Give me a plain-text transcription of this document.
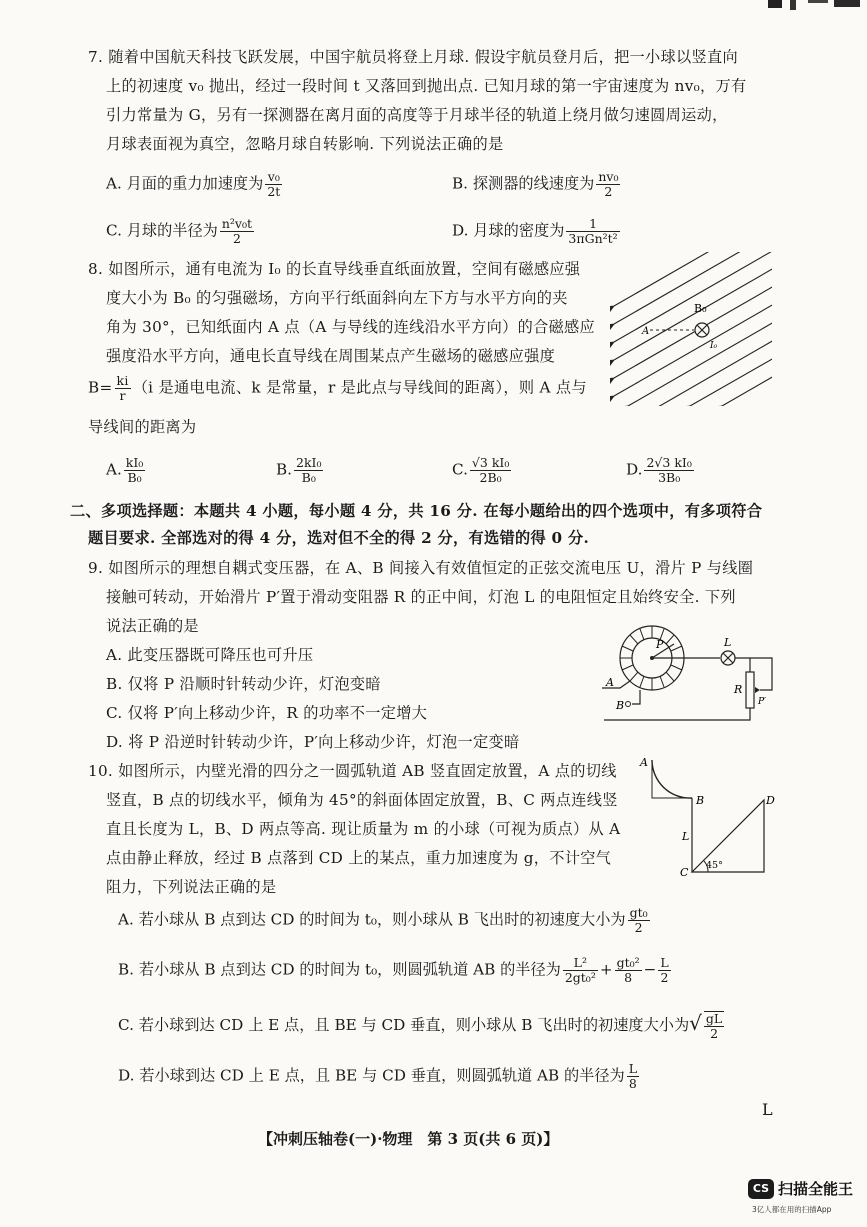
7. 随着中国航天科技飞跃发展，中国宇航员将登上月球. 假设宇航员登月后，把一小球以竖直向
上的初速度 v₀ 抛出，经过一段时间 t 又落回到抛出点. 已知月球的第一宇宙速度为 nv₀，万有
引力常量为 G，另有一探测器在离月面的高度等于月球半径的轨道上绕月做匀速圆周运动，
月球表面视为真空，忽略月球自转影响. 下列说法正确的是
A. 月面的重力加速度为 $\frac{\text{v₀}}{2t}$	B. 探测器的线速度为 $\frac{\text{nv₀}}{2}$
C. 月球的半径为 $\frac{\text{n²v₀t}}{2}$	D. 月球的密度为 $\frac{1}{\text{3πGn²t²}}$
8. 如图所示，通有电流为 I₀ 的长直导线垂直纸面放置，空间有磁感应强
度大小为 B₀ 的匀强磁场，方向平行纸面斜向左下方与水平方向的夹
角为 30°，已知纸面内 A 点（A 与导线的连线沿水平方向）的合磁感应
强度沿水平方向，通电长直导线在周围某点产生磁场的磁感应强度
$B= \frac{ki}{r} (i$ 是通电电流、k 是常量，r 是此点与导线间的距离），则 A 点与
导线间的距离为
B₀
A
I₀
A. $\frac{\text{kI₀}}{\text{B₀}}$	B. $\frac{\text{2kI₀}}{\text{B₀}}$	C. $\frac{\text{√3 kI₀}}{\text{2B₀}}$	D. $\frac{\text{2√3 kI₀}}{\text{3B₀}}$
二、多项选择题：本题共 4 小题，每小题 4 分，共 16 分. 在每小题给出的四个选项中，有多项符合
题目要求. 全部选对的得 4 分，选对但不全的得 2 分，有选错的得 0 分.
9. 如图所示的理想自耦式变压器，在 A、B 间接入有效值恒定的正弦交流电压 U，滑片 P 与线圈
接触可转动，开始滑片 P′置于滑动变阻器 R 的正中间，灯泡 L 的电阻恒定且始终安全. 下列
说法正确的是
A. 此变压器既可降压也可升压
B. 仅将 P 沿顺时针转动少许，灯泡变暗
C. 仅将 P′向上移动少许，R 的功率不一定增大
D. 将 P 沿逆时针转动少许，P′向上移动少许，灯泡一定变暗
P	L
A
B
R
P′
10. 如图所示，内壁光滑的四分之一圆弧轨道 AB 竖直固定放置，A 点的切线
竖直，B 点的切线水平，倾角为 45°的斜面体固定放置，B、C 两点连线竖
直且长度为 L，B、D 两点等高. 现让质量为 m 的小球（可视为质点）从 A
点由静止释放，经过 B 点落到 CD 上的某点，重力加速度为 g，不计空气
阻力，下列说法正确的是
A
B
C
D
L
45°
A. 若小球从 B 点到达 CD 的时间为 t₀，则小球从 B 飞出时的初速度大小为 $\frac{\text{gt₀}}{2}$
B. 若小球从 B 点到达 CD 的时间为 t₀，则圆弧轨道 AB 的半径为 $\frac{\text{L²}}{\text{2gt₀²}} + \frac{\text{gt₀²}}{8} - \frac{L}{2}$
C. 若小球到达 CD 上 E 点，且 BE 与 CD 垂直，则小球从 B 飞出时的初速度大小为√ $\frac{gL}{2}$
D. 若小球到达 CD 上 E 点，且 BE 与 CD 垂直，则圆弧轨道 AB 的半径为 $\frac{L}{8}$
【冲刺压轴卷(一)·物理　第 3 页(共 6 页)】
L
CS 扫描全能王
3亿人都在用的扫描App
